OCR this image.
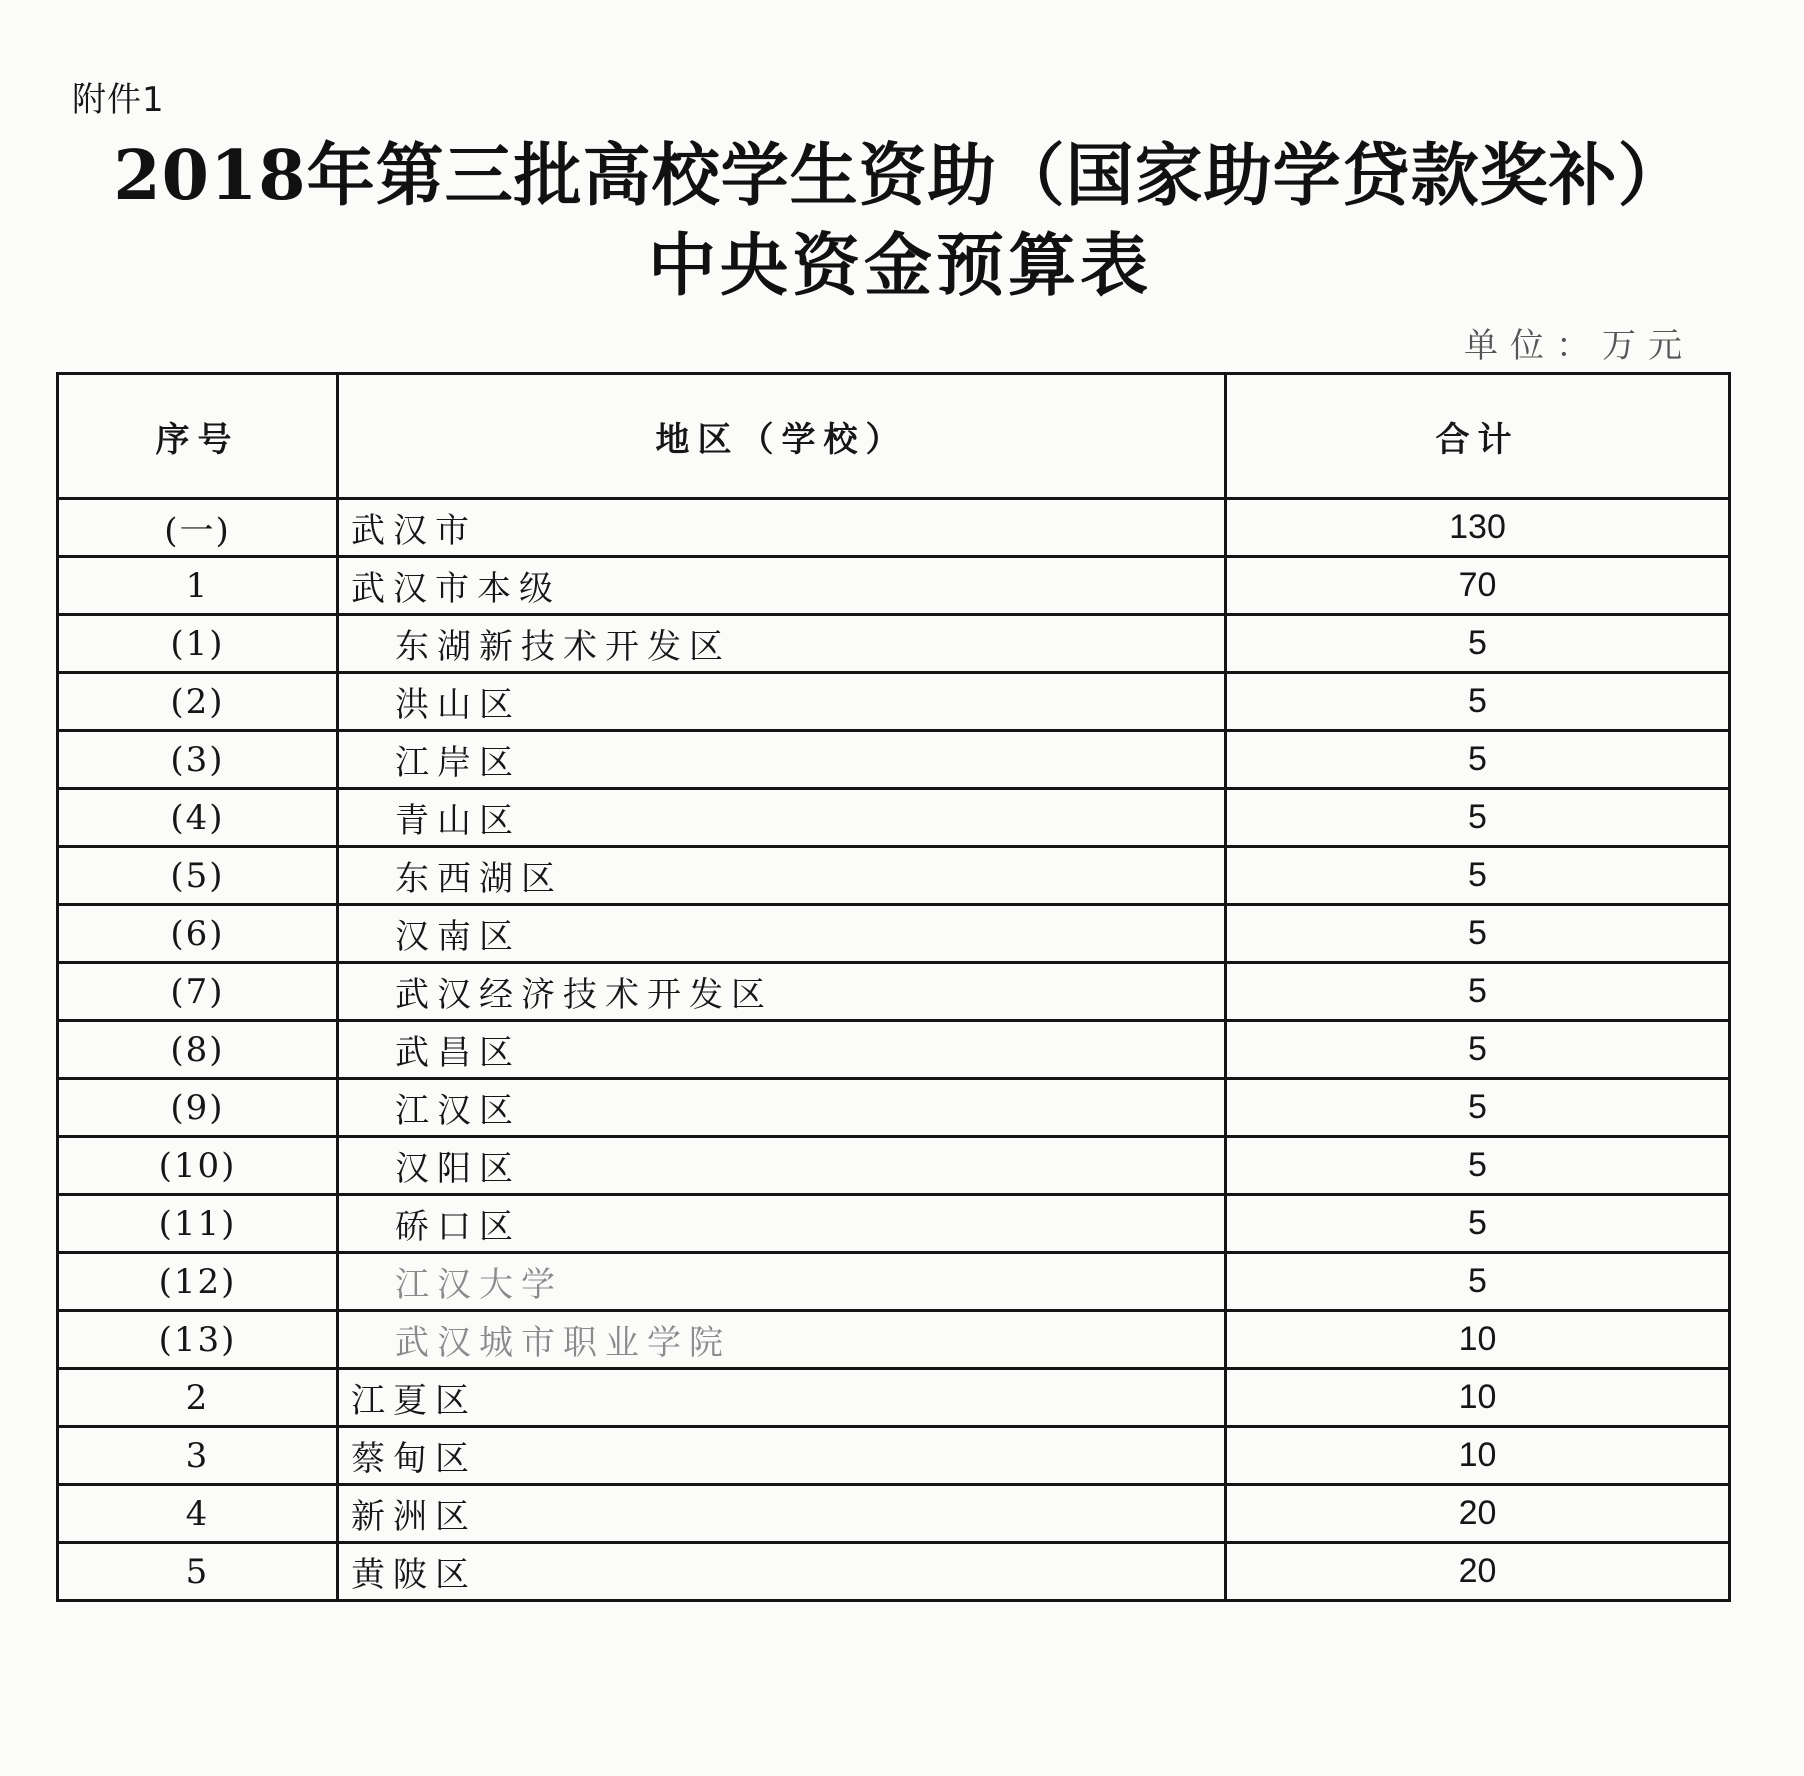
附件1
2018年第三批高校学生资助（国家助学贷款奖补）
中央资金预算表
单位：万元
序号	地区（学校）	合计
(一)	武汉市	130
1	武汉市本级	70
(1)	东湖新技术开发区	5
(2)	洪山区	5
(3)	江岸区	5
(4)	青山区	5
(5)	东西湖区	5
(6)	汉南区	5
(7)	武汉经济技术开发区	5
(8)	武昌区	5
(9)	江汉区	5
(10)	汉阳区	5
(11)	硚口区	5
(12)	江汉大学	5
(13)	武汉城市职业学院	10
2	江夏区	10
3	蔡甸区	10
4	新洲区	20
5	黄陂区	20
